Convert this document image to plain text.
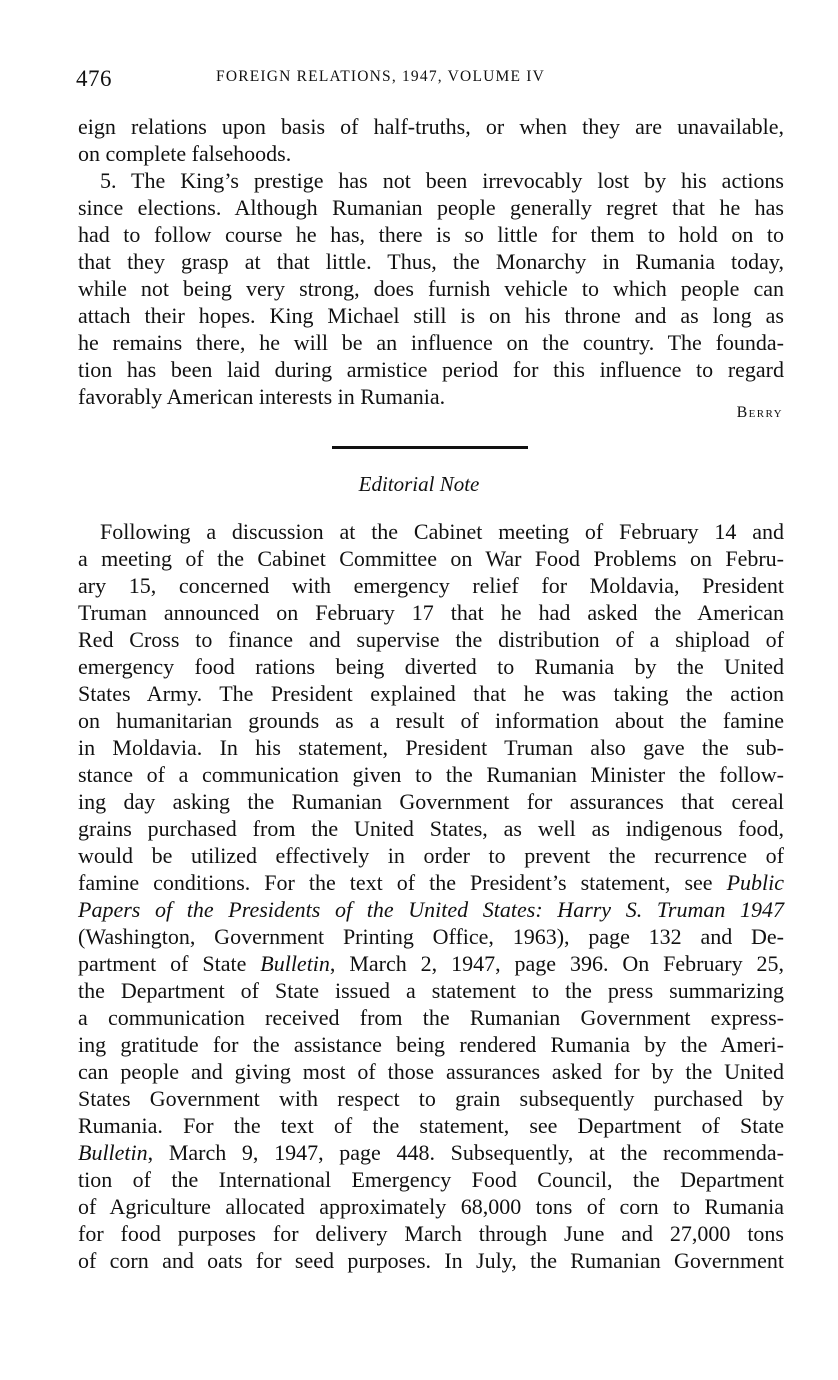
476	FOREIGN RELATIONS, 1947, VOLUME IV
eign relations upon basis of half-truths, or when they are unavailable,
on complete falsehoods.
5. The King’s prestige has not been irrevocably lost by his actions
since elections. Although Rumanian people generally regret that he has
had to follow course he has, there is so little for them to hold on to
that they grasp at that little. Thus, the Monarchy in Rumania today,
while not being very strong, does furnish vehicle to which people can
attach their hopes. King Michael still is on his throne and as long as
he remains there, he will be an influence on the country. The founda-
tion has been laid during armistice period for this influence to regard
favorably American interests in Rumania.
Berry
Editorial Note
Following a discussion at the Cabinet meeting of February 14 and
a meeting of the Cabinet Committee on War Food Problems on Febru-
ary 15, concerned with emergency relief for Moldavia, President
Truman announced on February 17 that he had asked the American
Red Cross to finance and supervise the distribution of a shipload of
emergency food rations being diverted to Rumania by the United
States Army. The President explained that he was taking the action
on humanitarian grounds as a result of information about the famine
in Moldavia. In his statement, President Truman also gave the sub-
stance of a communication given to the Rumanian Minister the follow-
ing day asking the Rumanian Government for assurances that cereal
grains purchased from the United States, as well as indigenous food,
would be utilized effectively in order to prevent the recurrence of
famine conditions. For the text of the President’s statement, see Public
Papers of the Presidents of the United States: Harry S. Truman 1947
(Washington, Government Printing Office, 1963), page 132 and De-
partment of State Bulletin, March 2, 1947, page 396. On February 25,
the Department of State issued a statement to the press summarizing
a communication received from the Rumanian Government express-
ing gratitude for the assistance being rendered Rumania by the Ameri-
can people and giving most of those assurances asked for by the United
States Government with respect to grain subsequently purchased by
Rumania. For the text of the statement, see Department of State
Bulletin, March 9, 1947, page 448. Subsequently, at the recommenda-
tion of the International Emergency Food Council, the Department
of Agriculture allocated approximately 68,000 tons of corn to Rumania
for food purposes for delivery March through June and 27,000 tons
of corn and oats for seed purposes. In July, the Rumanian Government
